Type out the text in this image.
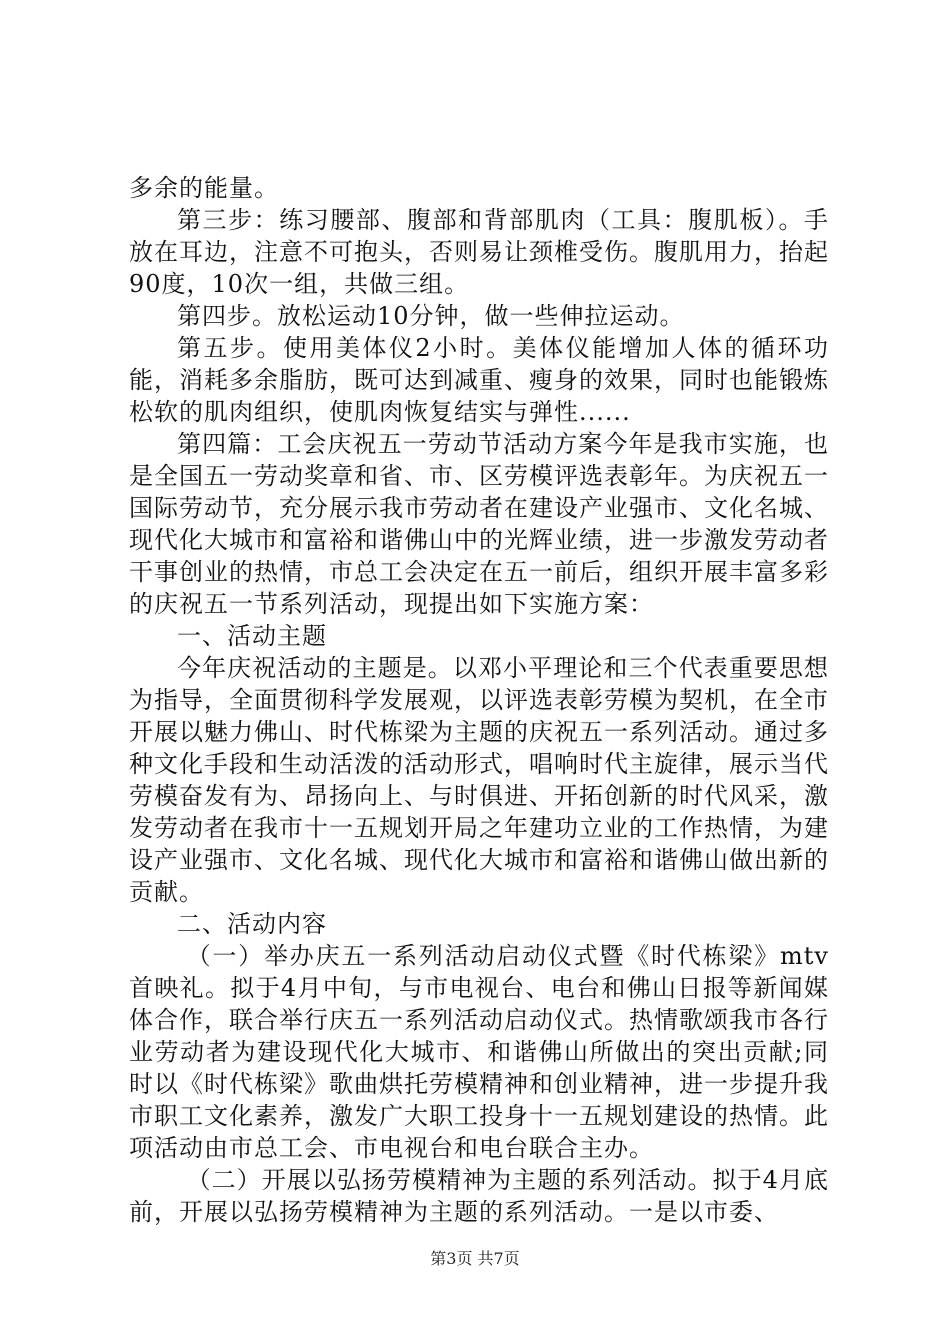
多余的能量。

第三步：练习腰部、腹部和背部肌肉（工具：腹肌板）。手放在耳边，注意不可抱头，否则易让颈椎受伤。腹肌用力，抬起90度，10次一组，共做三组。

第四步。放松运动10分钟，做一些伸拉运动。

第五步。使用美体仪2小时。美体仪能增加人体的循环功能，消耗多余脂肪，既可达到减重、瘦身的效果，同时也能锻炼松软的肌肉组织，使肌肉恢复结实与弹性......

第四篇：工会庆祝五一劳动节活动方案今年是我市实施，也是全国五一劳动奖章和省、市、区劳模评选表彰年。为庆祝五一国际劳动节，充分展示我市劳动者在建设产业强市、文化名城、现代化大城市和富裕和谐佛山中的光辉业绩，进一步激发劳动者干事创业的热情，市总工会决定在五一前后，组织开展丰富多彩的庆祝五一节系列活动，现提出如下实施方案：

一、活动主题

今年庆祝活动的主题是。以邓小平理论和三个代表重要思想为指导，全面贯彻科学发展观，以评选表彰劳模为契机，在全市开展以魅力佛山、时代栋梁为主题的庆祝五一系列活动。通过多种文化手段和生动活泼的活动形式，唱响时代主旋律，展示当代劳模奋发有为、昂扬向上、与时俱进、开拓创新的时代风采，激发劳动者在我市十一五规划开局之年建功立业的工作热情，为建设产业强市、文化名城、现代化大城市和富裕和谐佛山做出新的贡献。

二、活动内容

（一）举办庆五一系列活动启动仪式暨《时代栋梁》mtv首映礼。拟于4月中旬，与市电视台、电台和佛山日报等新闻媒体合作，联合举行庆五一系列活动启动仪式。热情歌颂我市各行业劳动者为建设现代化大城市、和谐佛山所做出的突出贡献;同时以《时代栋梁》歌曲烘托劳模精神和创业精神，进一步提升我市职工文化素养，激发广大职工投身十一五规划建设的热情。此项活动由市总工会、市电视台和电台联合主办。

（二）开展以弘扬劳模精神为主题的系列活动。拟于4月底前，开展以弘扬劳模精神为主题的系列活动。一是以市委、

第3页 共7页
